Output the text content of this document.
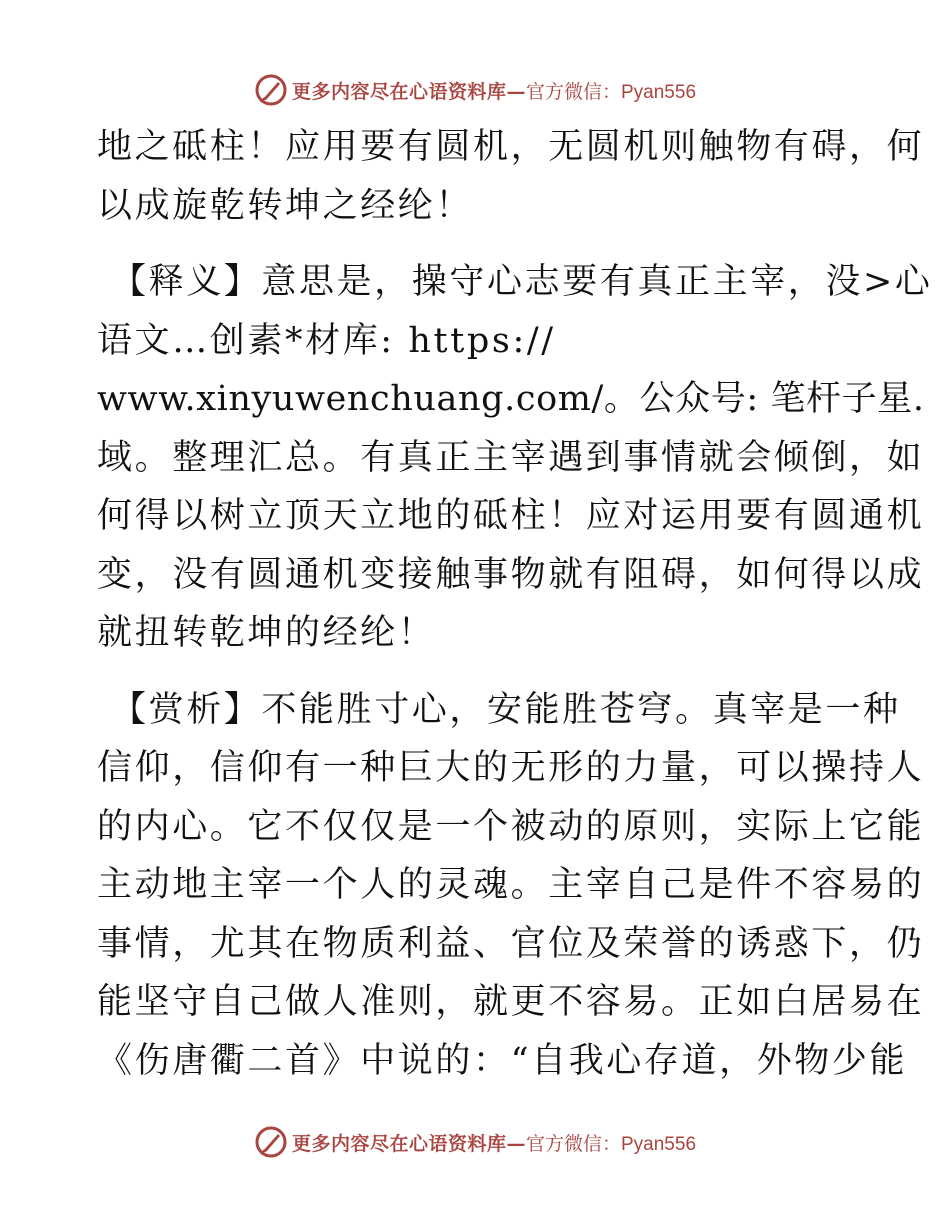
更多内容尽在心语资料库— 官方微信：Pyan556
地之砥柱！应用要有圆机，无圆机则触物有碍，何
以成旋乾转坤之经纶！
【释义】意思是，操守心志要有真正主宰，没>心
语文…创素*材库: https://
www.xinyuwenchuang.com/。公众号: 笔杆子星.
域。整理汇总。有真正主宰遇到事情就会倾倒，如
何得以树立顶天立地的砥柱！应对运用要有圆通机
变，没有圆通机变接触事物就有阻碍，如何得以成
就扭转乾坤的经纶！
【赏析】不能胜寸心，安能胜苍穹。真宰是一种
信仰，信仰有一种巨大的无形的力量，可以操持人
的内心。它不仅仅是一个被动的原则，实际上它能
主动地主宰一个人的灵魂。主宰自己是件不容易的
事情，尤其在物质利益、官位及荣誉的诱惑下，仍
能坚守自己做人准则，就更不容易。正如白居易在
《伤唐衢二首》中说的：“自我心存道，外物少能
更多内容尽在心语资料库— 官方微信：Pyan556
